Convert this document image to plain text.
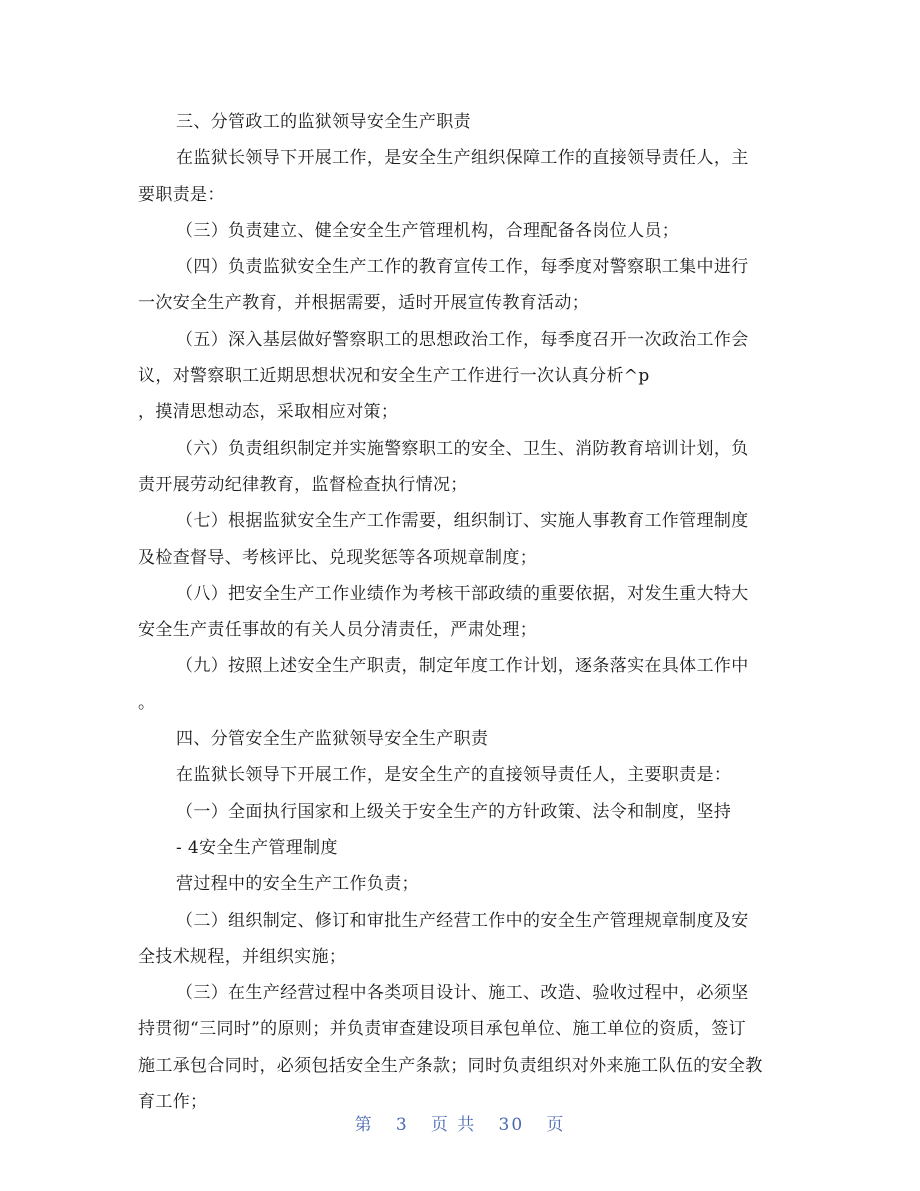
三、分管政工的监狱领导安全生产职责
在监狱长领导下开展工作，是安全生产组织保障工作的直接领导责任人，主
要职责是：
（三）负责建立、健全安全生产管理机构，合理配备各岗位人员；
（四）负责监狱安全生产工作的教育宣传工作，每季度对警察职工集中进行
一次安全生产教育，并根据需要，适时开展宣传教育活动；
（五）深入基层做好警察职工的思想政治工作，每季度召开一次政治工作会
议，对警察职工近期思想状况和安全生产工作进行一次认真分析^p
，摸清思想动态，采取相应对策；
（六）负责组织制定并实施警察职工的安全、卫生、消防教育培训计划，负
责开展劳动纪律教育，监督检查执行情况；
（七）根据监狱安全生产工作需要，组织制订、实施人事教育工作管理制度
及检查督导、考核评比、兑现奖惩等各项规章制度；
（八）把安全生产工作业绩作为考核干部政绩的重要依据，对发生重大特大
安全生产责任事故的有关人员分清责任，严肃处理；
（九）按照上述安全生产职责，制定年度工作计划，逐条落实在具体工作中
。
四、分管安全生产监狱领导安全生产职责
在监狱长领导下开展工作，是安全生产的直接领导责任人，主要职责是：
（一）全面执行国家和上级关于安全生产的方针政策、法令和制度，坚持
- 4安全生产管理制度
营过程中的安全生产工作负责；
（二）组织制定、修订和审批生产经营工作中的安全生产管理规章制度及安
全技术规程，并组织实施；
（三）在生产经营过程中各类项目设计、施工、改造、验收过程中，必须坚
持贯彻“三同时”的原则；并负责审查建设项目承包单位、施工单位的资质，签订
施工承包合同时，必须包括安全生产条款；同时负责组织对外来施工队伍的安全教
育工作；
第 3 页 共 30 页
